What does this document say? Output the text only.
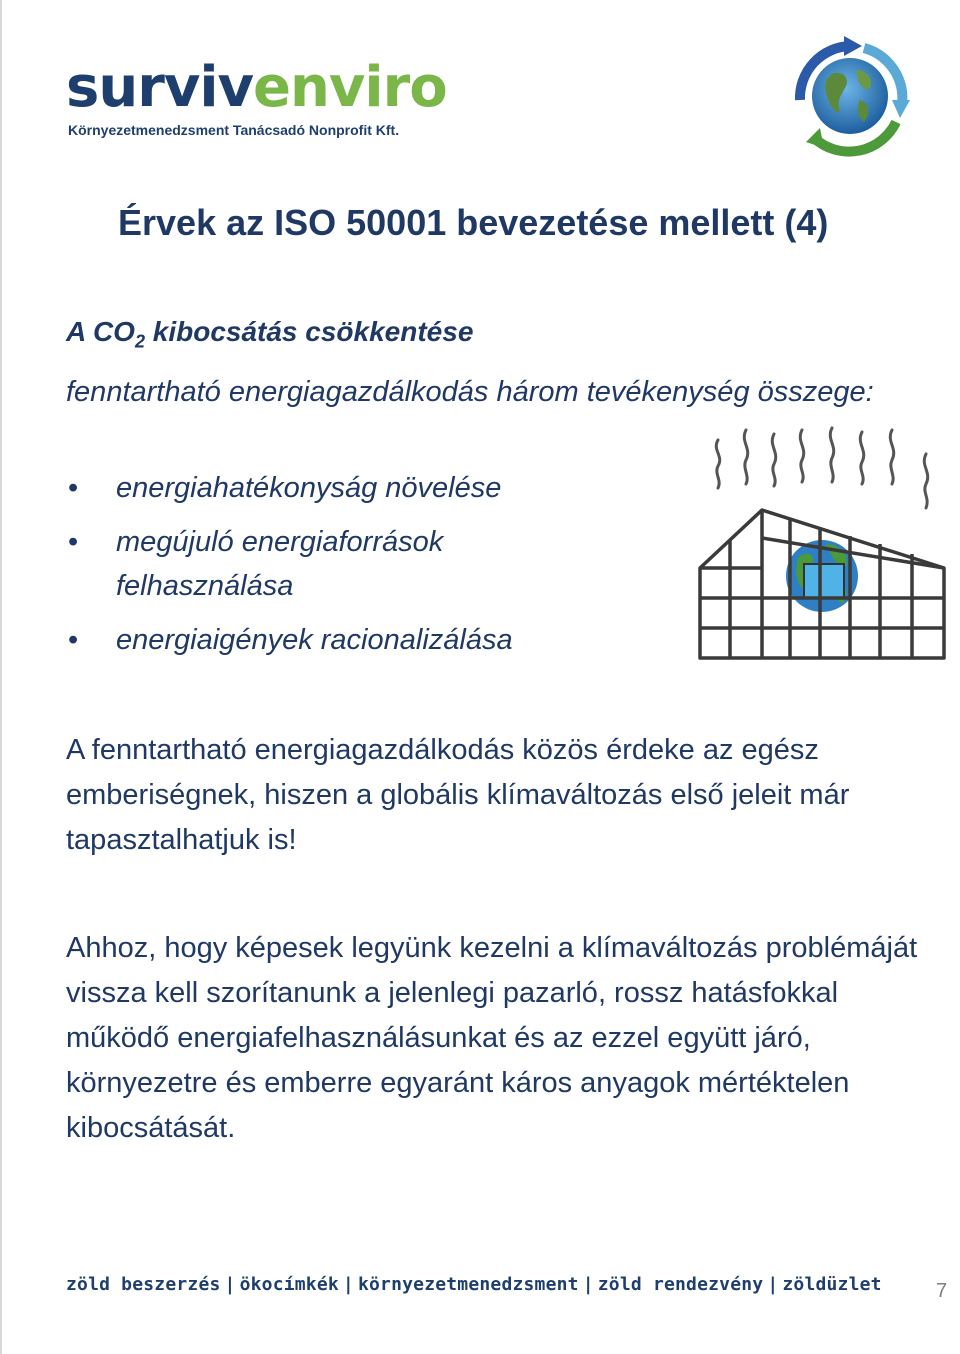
survivenviro
Környezetmenedzsment Tanácsadó Nonprofit Kft.
Érvek az ISO 50001 bevezetése mellett (4)
A $CO_2$ kibocsátás csökkentése
fenntartható energiagazdálkodás három tevékenység összege:
• energiahatékonyság növelése
• megújuló energiaforrások felhasználása
• energiaigények racionalizálása
A fenntartható energiagazdálkodás közös érdeke az egész emberiségnek, hiszen a globális klímaváltozás első jeleit már tapasztalhatjuk is!
Ahhoz, hogy képesek legyünk kezelni a klímaváltozás problémáját vissza kell szorítanunk a jelenlegi pazarló, rossz hatásfokkal működő energiafelhasználásunkat és az ezzel együtt járó, környezetre és emberre egyaránt káros anyagok mértéktelen kibocsátását.
zöld beszerzés | ökocímkék | környezetmenedzsment | zöld rendezvény | zöldüzlet	7
